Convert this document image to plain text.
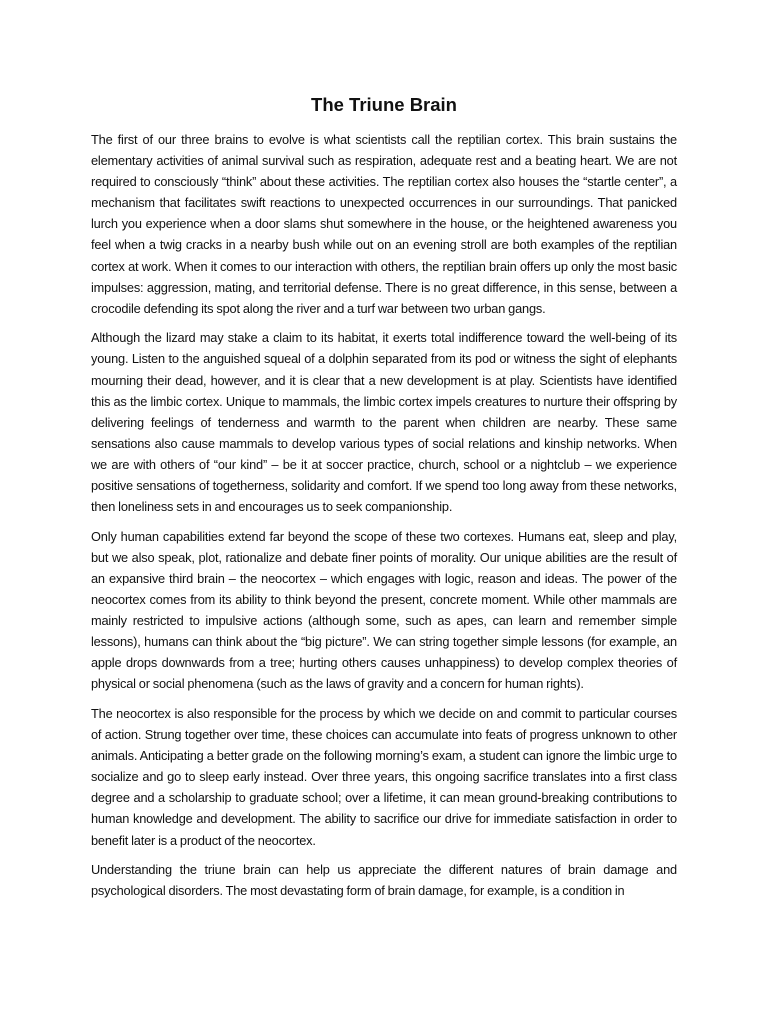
The Triune Brain

The first of our three brains to evolve is what scientists call the reptilian cortex. This brain sustains the elementary activities of animal survival such as respiration, adequate rest and a beating heart. We are not required to consciously “think” about these activities. The reptilian cortex also houses the “startle center”, a mechanism that facilitates swift reactions to unexpected occurrences in our surroundings. That panicked lurch you experience when a door slams shut somewhere in the house, or the heightened awareness you feel when a twig cracks in a nearby bush while out on an evening stroll are both examples of the reptilian cortex at work. When it comes to our interaction with others, the reptilian brain offers up only the most basic impulses: aggression, mating, and territorial defense. There is no great difference, in this sense, between a crocodile defending its spot along the river and a turf war between two urban gangs.

Although the lizard may stake a claim to its habitat, it exerts total indifference toward the well-being of its young. Listen to the anguished squeal of a dolphin separated from its pod or witness the sight of elephants mourning their dead, however, and it is clear that a new development is at play. Scientists have identified this as the limbic cortex. Unique to mammals, the limbic cortex impels creatures to nurture their offspring by delivering feelings of tenderness and warmth to the parent when children are nearby. These same sensations also cause mammals to develop various types of social relations and kinship networks. When we are with others of “our kind” – be it at soccer practice, church, school or a nightclub – we experience positive sensations of togetherness, solidarity and comfort. If we spend too long away from these networks, then loneliness sets in and encourages us to seek companionship.

Only human capabilities extend far beyond the scope of these two cortexes. Humans eat, sleep and play, but we also speak, plot, rationalize and debate finer points of morality. Our unique abilities are the result of an expansive third brain – the neocortex – which engages with logic, reason and ideas. The power of the neocortex comes from its ability to think beyond the present, concrete moment. While other mammals are mainly restricted to impulsive actions (although some, such as apes, can learn and remember simple lessons), humans can think about the “big picture”. We can string together simple lessons (for example, an apple drops downwards from a tree; hurting others causes unhappiness) to develop complex theories of physical or social phenomena (such as the laws of gravity and a concern for human rights).

The neocortex is also responsible for the process by which we decide on and commit to particular courses of action. Strung together over time, these choices can accumulate into feats of progress unknown to other animals. Anticipating a better grade on the following morning’s exam, a student can ignore the limbic urge to socialize and go to sleep early instead. Over three years, this ongoing sacrifice translates into a first class degree and a scholarship to graduate school; over a lifetime, it can mean ground-breaking contributions to human knowledge and development. The ability to sacrifice our drive for immediate satisfaction in order to benefit later is a product of the neocortex.

Understanding the triune brain can help us appreciate the different natures of brain damage and psychological disorders. The most devastating form of brain damage, for example, is a condition in
